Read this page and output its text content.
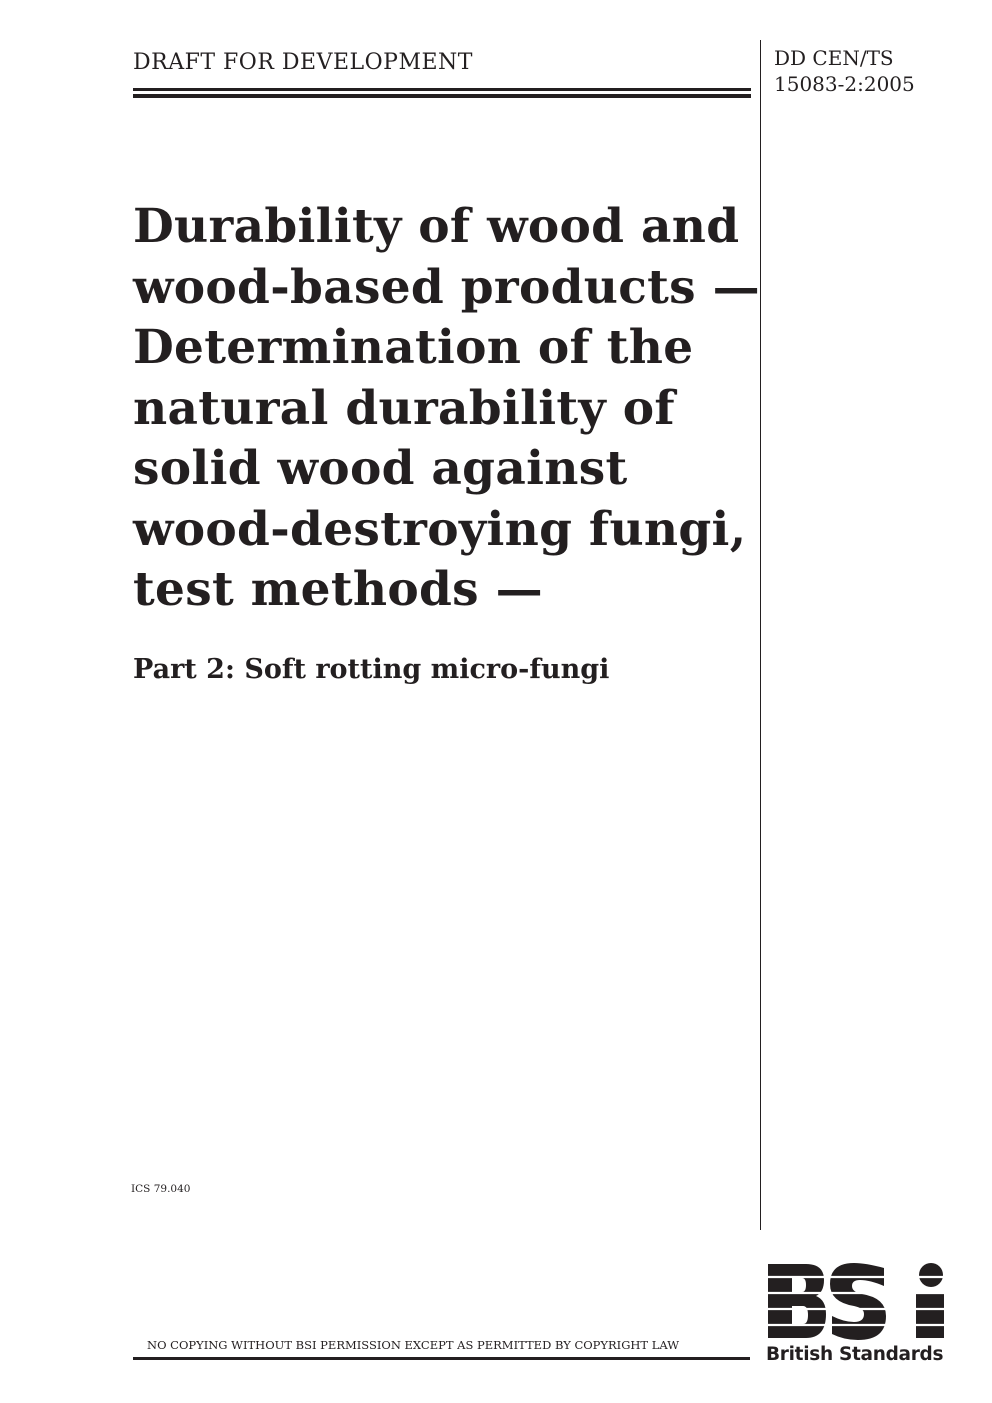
DRAFT FOR DEVELOPMENT	DD CEN/TS
15083-2:2005
Durability of wood and
wood-based products —
Determination of the
natural durability of
solid wood against
wood-destroying fungi,
test methods —
Part 2: Soft rotting micro-fungi
ICS 79.040
NO COPYING WITHOUT BSI PERMISSION EXCEPT AS PERMITTED BY COPYRIGHT LAW	British Standards
